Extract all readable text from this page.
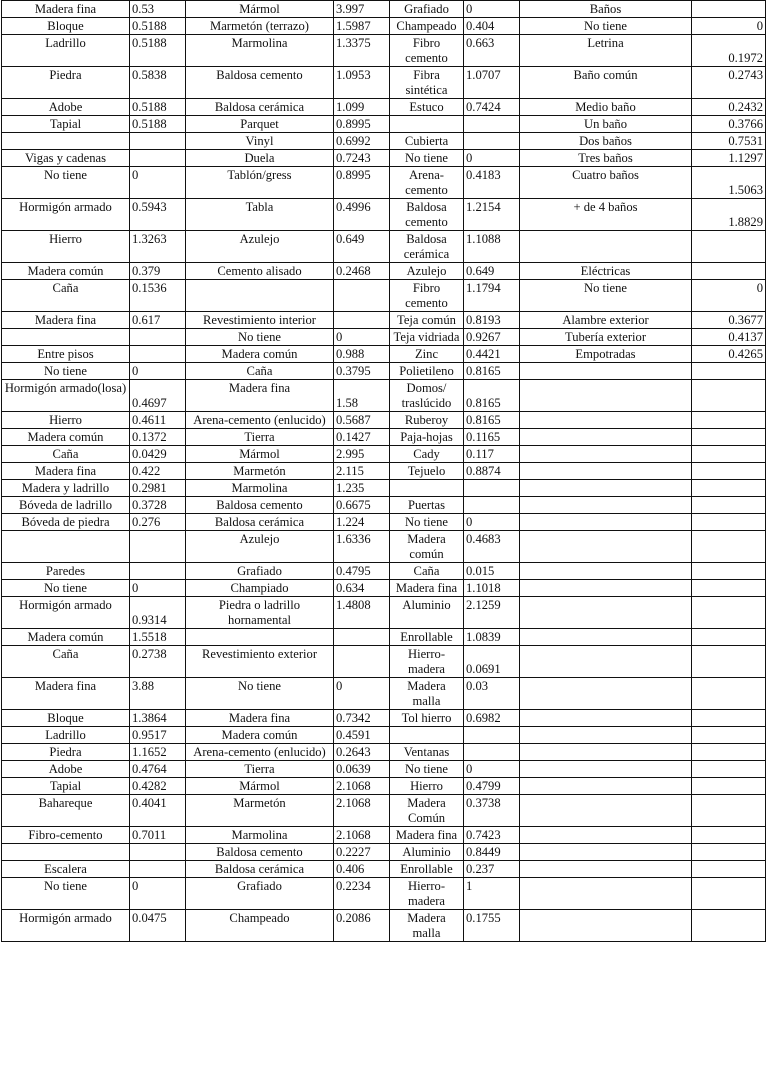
Madera fina	0.53	Mármol	3.997	Grafiado	0	Baños	
Bloque	0.5188	Marmetón (terrazo)	1.5987	Champeado	0.404	No tiene	0
Ladrillo	0.5188	Marmolina	1.3375	Fibro cemento	0.663	Letrina	0.1972
Piedra	0.5838	Baldosa cemento	1.0953	Fibra sintética	1.0707	Baño común	0.2743
Adobe	0.5188	Baldosa cerámica	1.099	Estuco	0.7424	Medio baño	0.2432
Tapial	0.5188	Parquet	0.8995			Un baño	0.3766
		Vinyl	0.6992	Cubierta		Dos baños	0.7531
Vigas y cadenas		Duela	0.7243	No tiene	0	Tres baños	1.1297
No tiene	0	Tablón/gress	0.8995	Arena-cemento	0.4183	Cuatro baños	1.5063
Hormigón armado	0.5943	Tabla	0.4996	Baldosa cemento	1.2154	+ de 4 baños	1.8829
Hierro	1.3263	Azulejo	0.649	Baldosa cerámica	1.1088		
Madera común	0.379	Cemento alisado	0.2468	Azulejo	0.649	Eléctricas	
Caña	0.1536			Fibro cemento	1.1794	No tiene	0
Madera fina	0.617	Revestimiento interior		Teja común	0.8193	Alambre exterior	0.3677
		No tiene	0	Teja vidriada	0.9267	Tubería exterior	0.4137
Entre pisos		Madera común	0.988	Zinc	0.4421	Empotradas	0.4265
No tiene	0	Caña	0.3795	Polietileno	0.8165		
Hormigón armado(losa)	0.4697	Madera fina	1.58	Domos/ traslúcido	0.8165		
Hierro	0.4611	Arena-cemento (enlucido)	0.5687	Ruberoy	0.8165		
Madera común	0.1372	Tierra	0.1427	Paja-hojas	0.1165		
Caña	0.0429	Mármol	2.995	Cady	0.117		
Madera fina	0.422	Marmetón	2.115	Tejuelo	0.8874		
Madera y ladrillo	0.2981	Marmolina	1.235				
Bóveda de ladrillo	0.3728	Baldosa cemento	0.6675	Puertas			
Bóveda de piedra	0.276	Baldosa cerámica	1.224	No tiene	0		
		Azulejo	1.6336	Madera común	0.4683		
Paredes		Grafiado	0.4795	Caña	0.015		
No tiene	0	Champiado	0.634	Madera fina	1.1018		
Hormigón armado	0.9314	Piedra o ladrillo hornamental	1.4808	Aluminio	2.1259		
Madera común	1.5518			Enrollable	1.0839		
Caña	0.2738	Revestimiento exterior		Hierro-madera	0.0691		
Madera fina	3.88	No tiene	0	Madera malla	0.03		
Bloque	1.3864	Madera fina	0.7342	Tol hierro	0.6982		
Ladrillo	0.9517	Madera común	0.4591				
Piedra	1.1652	Arena-cemento (enlucido)	0.2643	Ventanas			
Adobe	0.4764	Tierra	0.0639	No tiene	0		
Tapial	0.4282	Mármol	2.1068	Hierro	0.4799		
Bahareque	0.4041	Marmetón	2.1068	Madera Común	0.3738		
Fibro-cemento	0.7011	Marmolina	2.1068	Madera fina	0.7423		
		Baldosa cemento	0.2227	Aluminio	0.8449		
Escalera		Baldosa cerámica	0.406	Enrollable	0.237		
No tiene	0	Grafiado	0.2234	Hierro-madera	1		
Hormigón armado	0.0475	Champeado	0.2086	Madera malla	0.1755		
